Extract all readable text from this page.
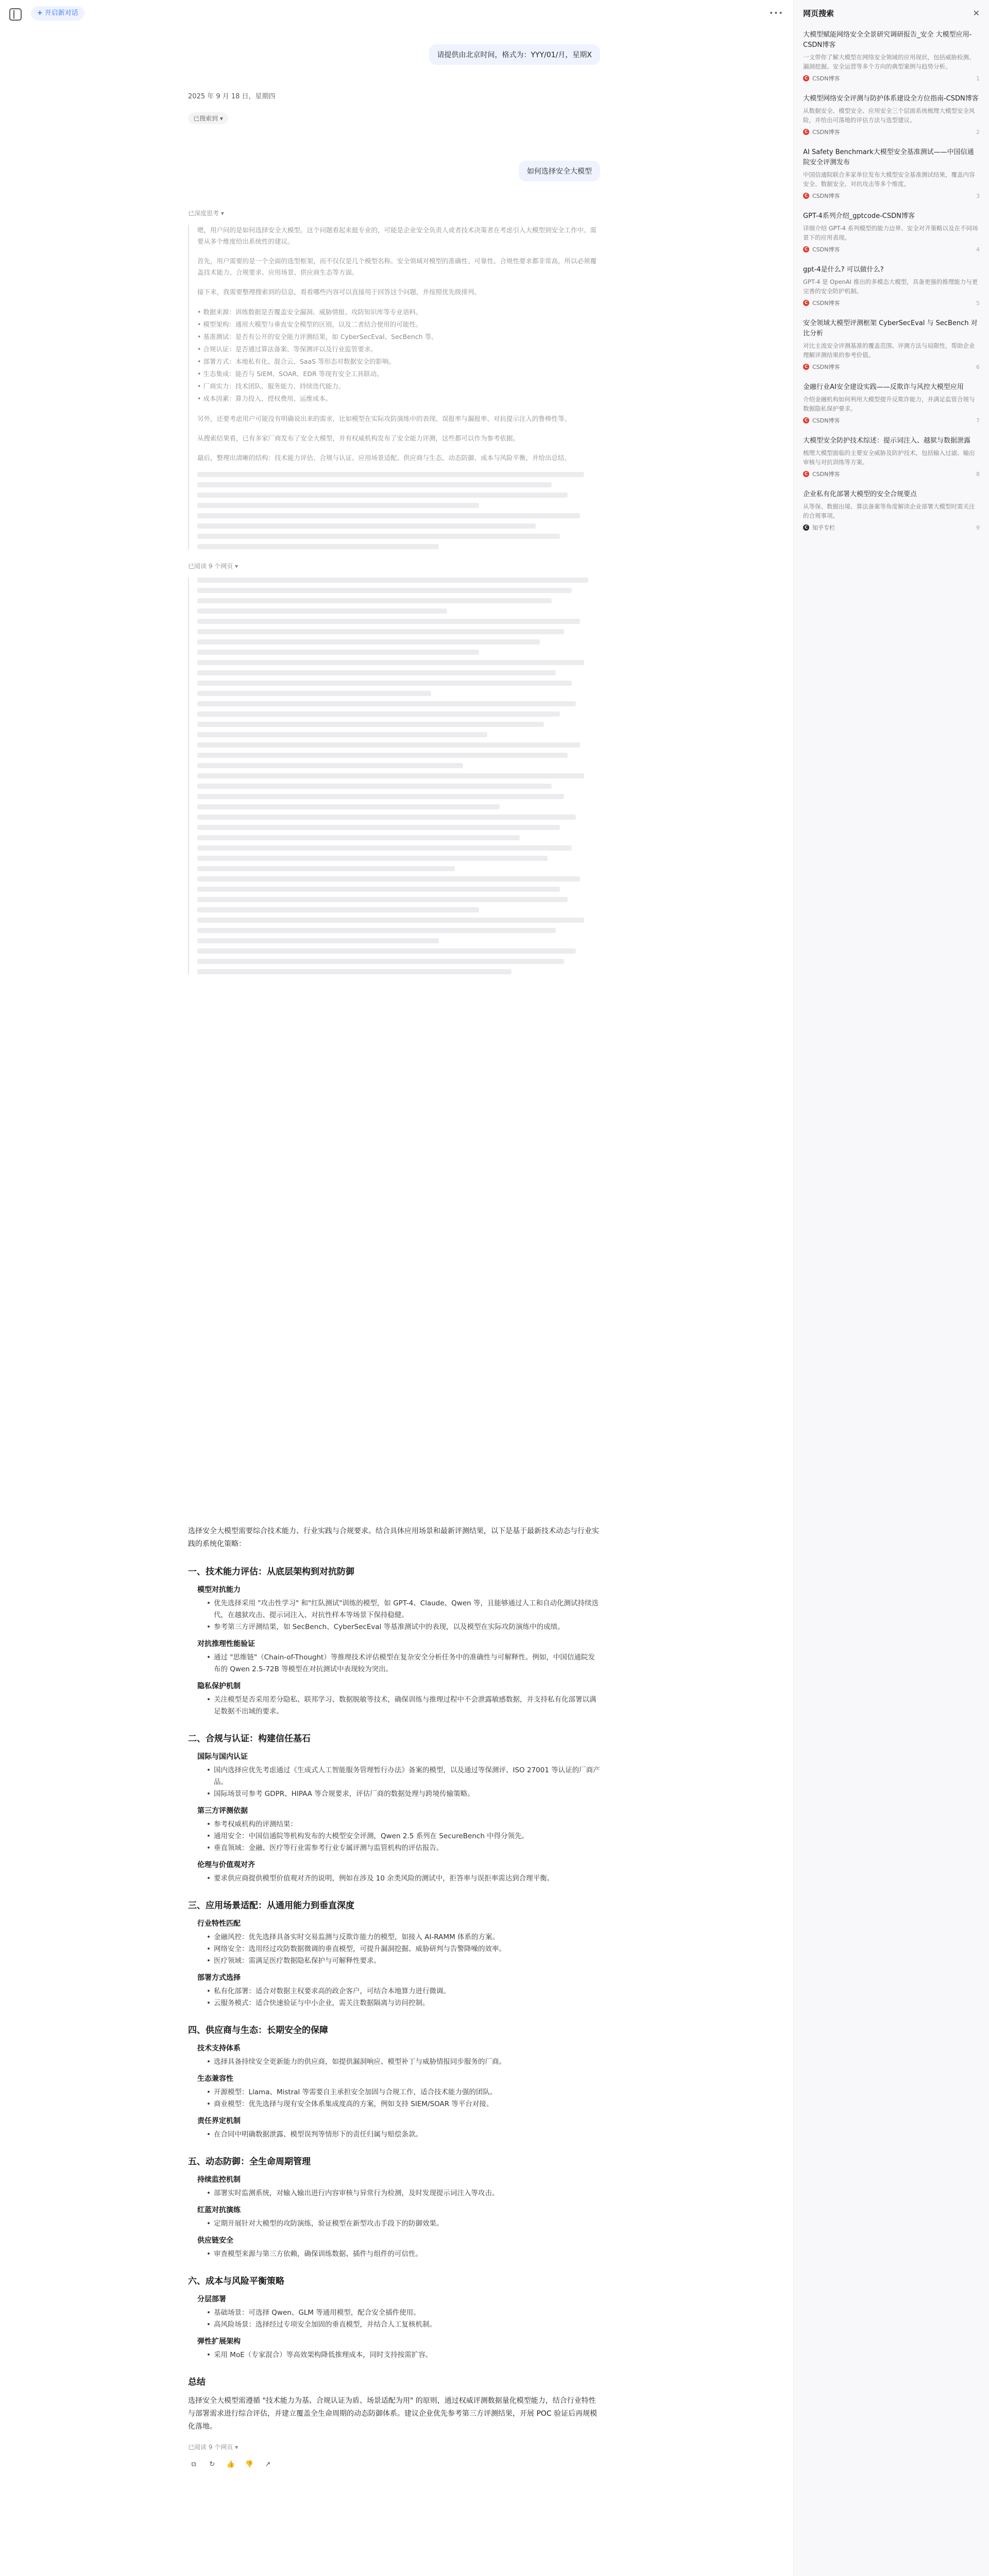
+ 开启新对话
请提供由北京时间，格式为：YYY/01/月，星期X
2025 年 9 月 18 日，星期四
已搜索到 ▾
如何选择安全大模型
已深度思考 ▾

嗯，用户问的是如何选择安全大模型。这个问题看起来挺专业的，可能是企业安全负责人或者技术决策者在考虑引入大模型到安全工作中。需要从多个维度给出系统性的建议。

首先，用户需要的是一个全面的选型框架，而不仅仅是几个模型名称。安全领域对模型的准确性、可靠性、合规性要求都非常高，所以必须覆盖技术能力、合规要求、应用场景、供应商生态等方面。

接下来，我需要整理搜索到的信息，看看哪些内容可以直接用于回答这个问题，并按照优先级排列。

• 数据来源：训练数据是否覆盖安全漏洞、威胁情报、攻防知识库等专业语料。
• 模型架构：通用大模型与垂直安全模型的区别，以及二者结合使用的可能性。
• 基准测试：是否有公开的安全能力评测结果，如 CyberSecEval、SecBench 等。
• 合规认证：是否通过算法备案、等保测评以及行业监管要求。
• 部署方式：本地私有化、混合云、SaaS 等形态对数据安全的影响。
• 生态集成：能否与 SIEM、SOAR、EDR 等现有安全工具联动。
• 厂商实力：技术团队、服务能力、持续迭代能力。
• 成本因素：算力投入、授权费用、运维成本。

另外，还要考虑用户可能没有明确说出来的需求，比如模型在实际攻防演练中的表现、误报率与漏报率、对抗提示注入的鲁棒性等。

从搜索结果看，已有多家厂商发布了安全大模型，并有权威机构发布了安全能力评测，这些都可以作为参考依据。

最后，整理出清晰的结构：技术能力评估、合规与认证、应用场景适配、供应商与生态、动态防御、成本与风险平衡，并给出总结。

已阅读 9 个网页 ▾

选择安全大模型需要综合技术能力、行业实践与合规要求。结合具体应用场景和最新评测结果，以下是基于最新技术动态与行业实践的系统化策略：

一、技术能力评估：从底层架构到对抗防御
模型对抗能力
• 优先选择采用 "攻击性学习" 和"红队测试"训练的模型，如 GPT-4、Claude、Qwen 等，且能够通过人工和自动化测试持续迭代，在越狱攻击、提示词注入、对抗性样本等场景下保持稳健。
• 参考第三方评测结果，如 SecBench、CyberSecEval 等基准测试中的表现，以及模型在实际攻防演练中的成绩。
对抗推理性能验证
• 通过 "思维链"（Chain-of-Thought）等推理技术评估模型在复杂安全分析任务中的准确性与可解释性。例如，中国信通院发布的 Qwen 2.5-72B 等模型在对抗测试中表现较为突出。
隐私保护机制
• 关注模型是否采用差分隐私、联邦学习、数据脱敏等技术，确保训练与推理过程中不会泄露敏感数据，并支持私有化部署以满足数据不出域的要求。
二、合规与认证：构建信任基石
国际与国内认证
• 国内选择应优先考虑通过《生成式人工智能服务管理暂行办法》备案的模型，以及通过等保测评、ISO 27001 等认证的厂商产品。
• 国际场景可参考 GDPR、HIPAA 等合规要求，评估厂商的数据处理与跨境传输策略。
第三方评测依据
• 参考权威机构的评测结果：
• 通用安全：中国信通院等机构发布的大模型安全评测，Qwen 2.5 系列在 SecureBench 中得分领先。
• 垂直领域：金融、医疗等行业需参考行业专属评测与监管机构的评估报告。
伦理与价值观对齐
• 要求供应商提供模型价值观对齐的说明，例如在涉及 10 余类风险的测试中，拒答率与误拒率需达到合理平衡。
三、应用场景适配：从通用能力到垂直深度
行业特性匹配
• 金融风控：优先选择具备实时交易监测与反欺诈能力的模型，如接入 AI-RAMM 体系的方案。
• 网络安全：选用经过攻防数据微调的垂直模型，可提升漏洞挖掘、威胁研判与告警降噪的效率。
• 医疗领域：需满足医疗数据隐私保护与可解释性要求。
部署方式选择
• 私有化部署：适合对数据主权要求高的政企客户，可结合本地算力进行微调。
• 云服务模式：适合快速验证与中小企业，需关注数据隔离与访问控制。
四、供应商与生态：长期安全的保障
技术支持体系
• 选择具备持续安全更新能力的供应商，如提供漏洞响应、模型补丁与威胁情报同步服务的厂商。
生态兼容性
• 开源模型：Llama、Mistral 等需要自主承担安全加固与合规工作，适合技术能力强的团队。
• 商业模型：优先选择与现有安全体系集成度高的方案，例如支持 SIEM/SOAR 等平台对接。
责任界定机制
• 在合同中明确数据泄露、模型误判等情形下的责任归属与赔偿条款。
五、动态防御：全生命周期管理
持续监控机制
• 部署实时监测系统，对输入输出进行内容审核与异常行为检测，及时发现提示词注入等攻击。
红蓝对抗演练
• 定期开展针对大模型的攻防演练，验证模型在新型攻击手段下的防御效果。
供应链安全
• 审查模型来源与第三方依赖，确保训练数据、插件与组件的可信性。
六、成本与风险平衡策略
分层部署
• 基础场景：可选择 Qwen、GLM 等通用模型，配合安全插件使用。
• 高风险场景：选择经过专项安全加固的垂直模型，并结合人工复核机制。
弹性扩展架构
• 采用 MoE（专家混合）等高效架构降低推理成本，同时支持按需扩容。
总结

选择安全大模型需遵循 "技术能力为基、合规认证为盾、场景适配为用" 的原则，通过权威评测数据量化模型能力，结合行业特性与部署需求进行综合评估，并建立覆盖全生命周期的动态防御体系。建议企业优先参考第三方评测结果，开展 POC 验证后再规模化落地。

已阅读 9 个网页 ▾
⧉	↻	👍 👎	↗
•••	网页搜索	✕
大模型赋能网络安全全景研究调研报告_安全 大模型应用-CSDN博客
一文带你了解大模型在网络安全领域的应用现状，包括威胁检测、漏洞挖掘、安全运营等多个方向的典型案例与趋势分析。
C CSDN博客	1
大模型网络安全评测与防护体系建设全方位指南-CSDN博客
从数据安全、模型安全、应用安全三个层面系统梳理大模型安全风险，并给出可落地的评估方法与选型建议。
C CSDN博客	2
AI Safety Benchmark大模型安全基准测试——中国信通院安全评测发布
中国信通院联合多家单位发布大模型安全基准测试结果，覆盖内容安全、数据安全、对抗攻击等多个维度。
C CSDN博客	3
GPT-4系列介绍_gptcode-CSDN博客
详细介绍 GPT-4 系列模型的能力边界、安全对齐策略以及在不同场景下的应用表现。
C CSDN博客	4
gpt-4是什么? 可以做什么?
GPT-4 是 OpenAI 推出的多模态大模型，具备更强的推理能力与更完善的安全防护机制。
C CSDN博客	5
安全领域大模型评测框架 CyberSecEval 与 SecBench 对比分析
对比主流安全评测基准的覆盖范围、评测方法与局限性，帮助企业理解评测结果的参考价值。
C CSDN博客	6
金融行业AI安全建设实践——反欺诈与风控大模型应用
介绍金融机构如何利用大模型提升反欺诈能力，并满足监管合规与数据隐私保护要求。
C CSDN博客	7
大模型安全防护技术综述：提示词注入、越狱与数据泄露
梳理大模型面临的主要安全威胁及防护技术，包括输入过滤、输出审核与对抗训练等方案。
C CSDN博客	8
企业私有化部署大模型的安全合规要点
从等保、数据出境、算法备案等角度解读企业部署大模型时需关注的合规事项。
C 知乎专栏	9
